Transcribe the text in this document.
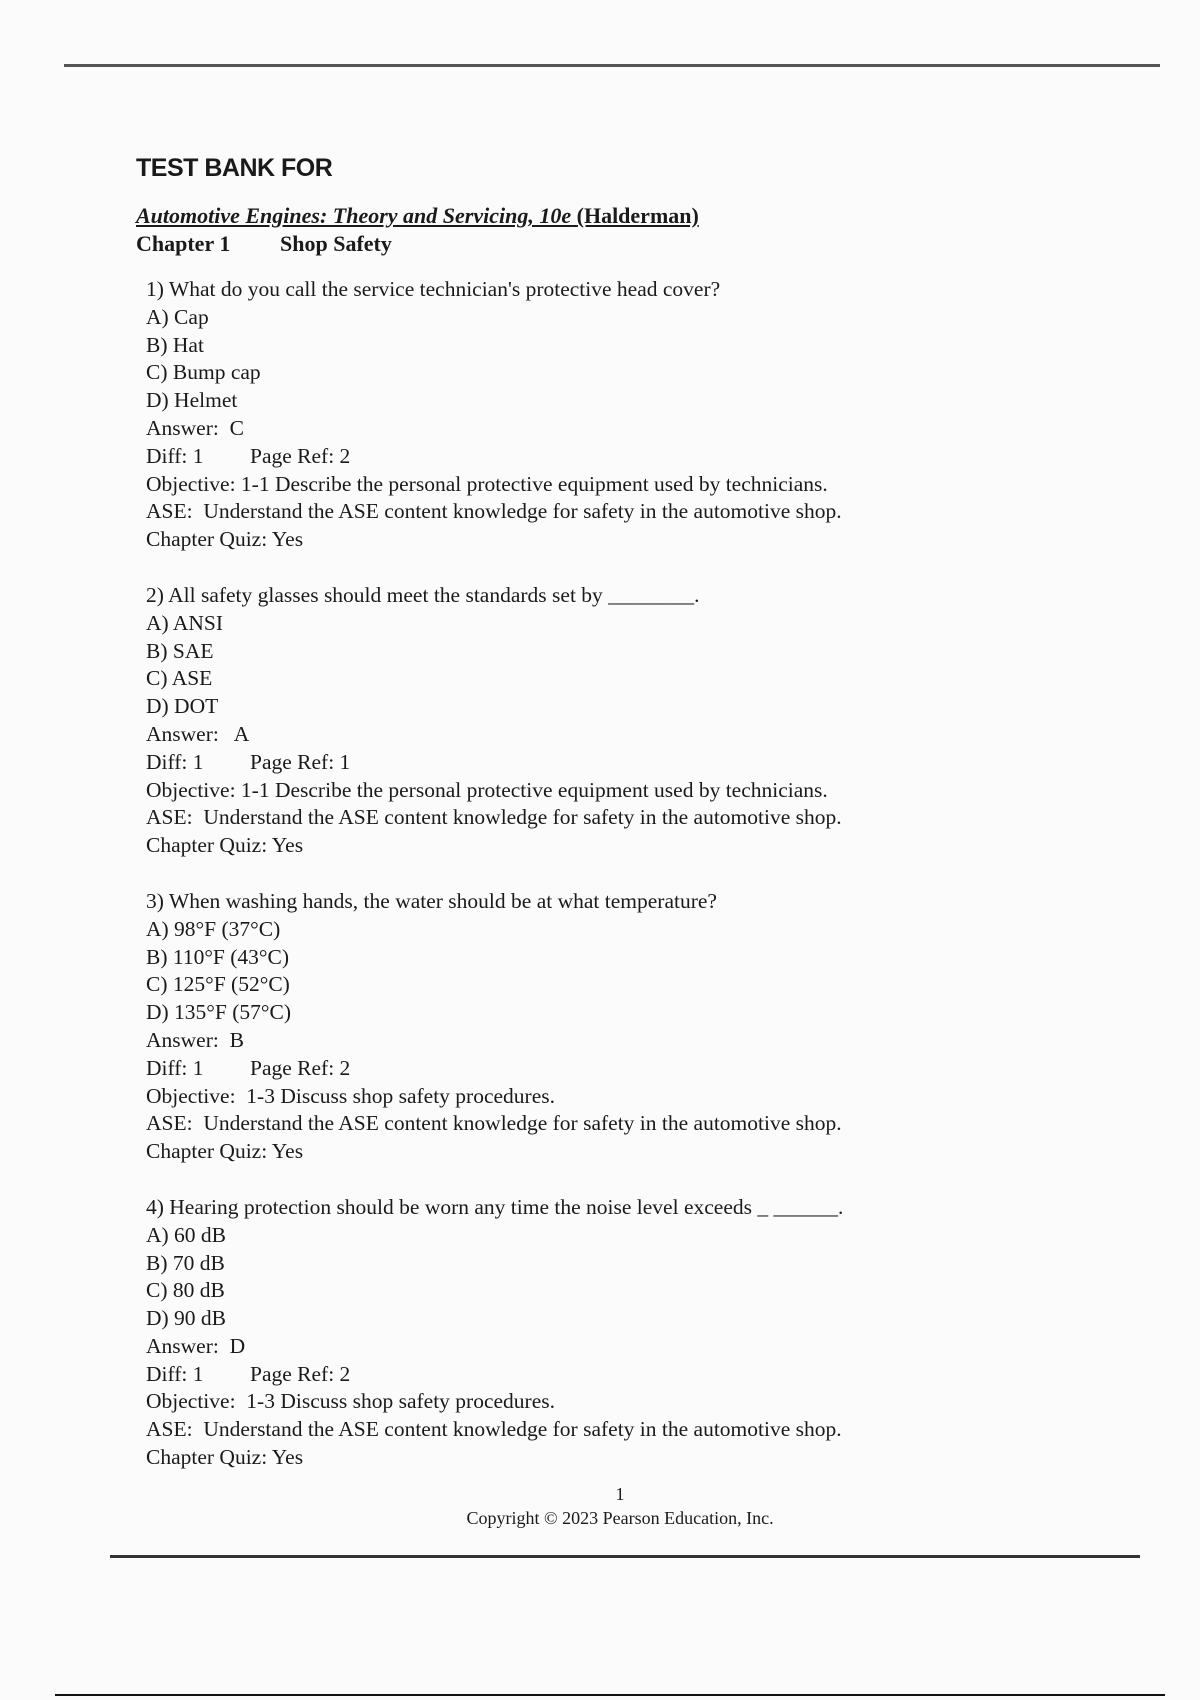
TEST BANK FOR
Automotive Engines: Theory and Servicing, 10e (Halderman)
Chapter 1 Shop Safety
1) What do you call the service technician's protective head cover?
A) Cap
B) Hat
C) Bump cap
D) Helmet
Answer:  C
Diff: 1 Page Ref: 2
Objective: 1-1 Describe the personal protective equipment used by technicians.
ASE:  Understand the ASE content knowledge for safety in the automotive shop.
Chapter Quiz: Yes
2) All safety glasses should meet the standards set by ________.
A) ANSI
B) SAE
C) ASE
D) DOT
Answer:   A
Diff: 1 Page Ref: 1
Objective: 1-1 Describe the personal protective equipment used by technicians.
ASE:  Understand the ASE content knowledge for safety in the automotive shop.
Chapter Quiz: Yes
3) When washing hands, the water should be at what temperature?
A) 98°F (37°C)
B) 110°F (43°C)
C) 125°F (52°C)
D) 135°F (57°C)
Answer:  B
Diff: 1 Page Ref: 2
Objective:  1-3 Discuss shop safety procedures.
ASE:  Understand the ASE content knowledge for safety in the automotive shop.
Chapter Quiz: Yes
4) Hearing protection should be worn any time the noise level exceeds _ ______.
A) 60 dB
B) 70 dB
C) 80 dB
D) 90 dB
Answer:  D
Diff: 1 Page Ref: 2
Objective:  1-3 Discuss shop safety procedures.
ASE:  Understand the ASE content knowledge for safety in the automotive shop.
Chapter Quiz: Yes
1
Copyright © 2023 Pearson Education, Inc.
